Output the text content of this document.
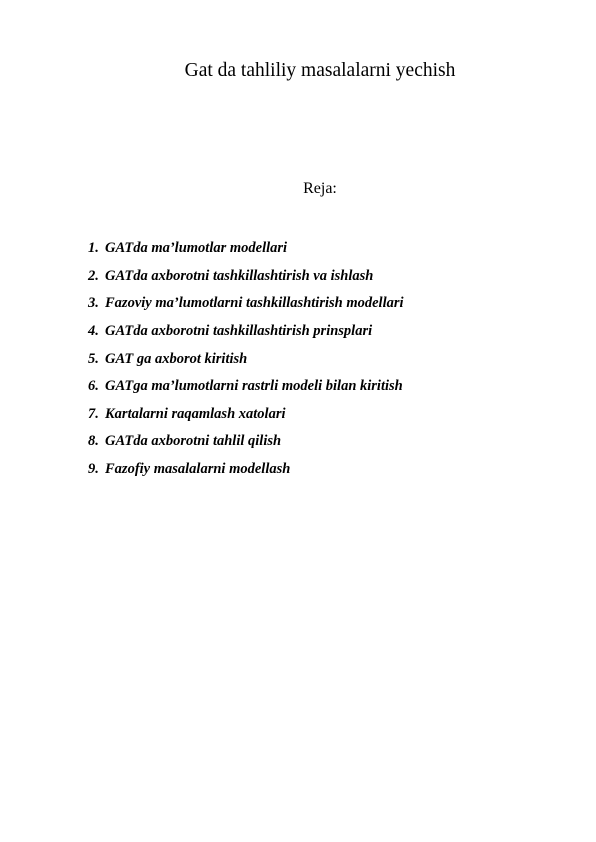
Gat da tahliliy masalalarni yechish
Reja:
1. GATda ma’lumotlar modellari
2. GATda axborotni tashkillashtirish va ishlash
3. Fazoviy ma’lumotlarni tashkillashtirish modellari
4. GATda axborotni tashkillashtirish prinsplari
5. GAT ga axborot kiritish
6. GATga ma’lumotlarni rastrli modeli bilan kiritish
7. Kartalarni raqamlash xatolari
8. GATda axborotni tahlil qilish
9. Fazofiy masalalarni modellash
